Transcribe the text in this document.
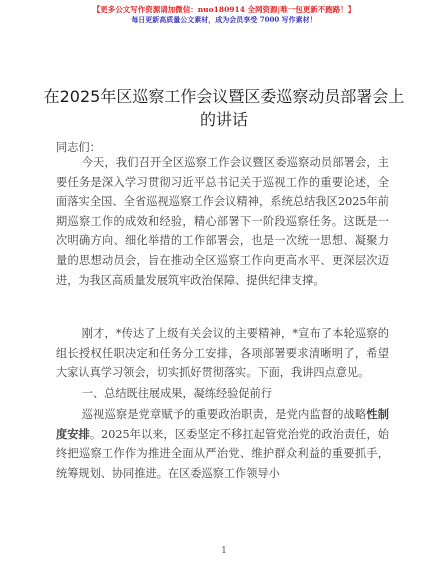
【更多公文写作资源请加微信：nuo180914 全网资源|唯一包更新不跑路！】
每日更新高质量公文素材，成为会员享受 7000 写作素材！
在2025年区巡察工作会议暨区委巡察动员部署会上的讲话

同志们：

今天，我们召开全区巡察工作会议暨区委巡察动员部署会，主要任务是深入学习贯彻习近平总书记关于巡视工作的重要论述，全面落实全国、全省巡视巡察工作会议精神，系统总结我区2025年前期巡察工作的成效和经验，精心部署下一阶段巡察任务。这既是一次明确方向、细化举措的工作部署会，也是一次统一思想、凝聚力量的思想动员会，旨在推动全区巡察工作向更高水平、更深层次迈进，为我区高质量发展筑牢政治保障、提供纪律支撑。

刚才，*传达了上级有关会议的主要精神，*宣布了本轮巡察的组长授权任职决定和任务分工安排，各项部署要求清晰明了，希望大家认真学习领会，切实抓好贯彻落实。下面，我讲四点意见。

一、总结既往展成果，凝练经验促前行

巡视巡察是党章赋予的重要政治职责，是党内监督的战略性制度安排。2025年以来，区委坚定不移扛起管党治党的政治责任，始终把巡察工作作为推进全面从严治党、维护群众利益的重要抓手，统筹规划、协同推进。在区委巡察工作领导小

1
